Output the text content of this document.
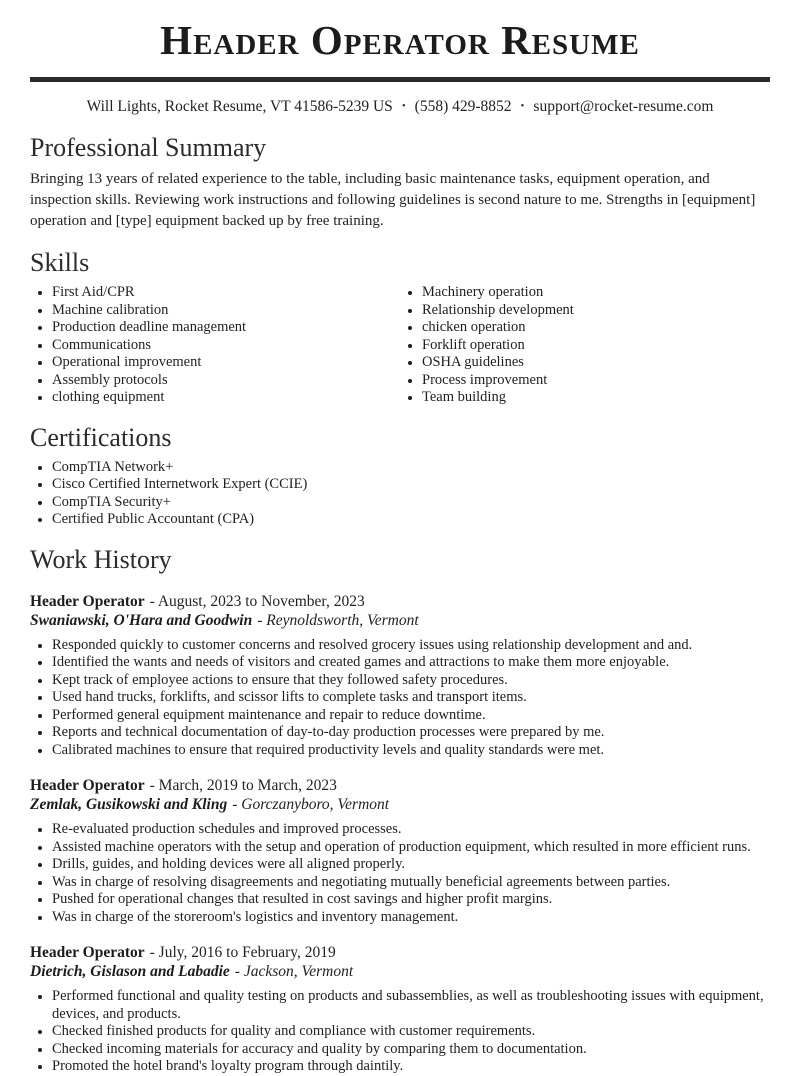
Header Operator Resume
Will Lights, Rocket Resume, VT 41586-5239 US • (558) 429-8852 • support@rocket-resume.com
Professional Summary

Bringing 13 years of related experience to the table, including basic maintenance tasks, equipment operation, and inspection skills. Reviewing work instructions and following guidelines is second nature to me. Strengths in [equipment] operation and [type] equipment backed up by free training.

Skills
• First Aid/CPR
• Machine calibration
• Production deadline management
• Communications
• Operational improvement
• Assembly protocols
• clothing equipment
• Machinery operation
• Relationship development
• chicken operation
• Forklift operation
• OSHA guidelines
• Process improvement
• Team building
Certifications
• CompTIA Network+
• Cisco Certified Internetwork Expert (CCIE)
• CompTIA Security+
• Certified Public Accountant (CPA)
Work History
Header Operator - August, 2023 to November, 2023
Swaniawski, O'Hara and Goodwin - Reynoldsworth, Vermont
• Responded quickly to customer concerns and resolved grocery issues using relationship development and and.
• Identified the wants and needs of visitors and created games and attractions to make them more enjoyable.
• Kept track of employee actions to ensure that they followed safety procedures.
• Used hand trucks, forklifts, and scissor lifts to complete tasks and transport items.
• Performed general equipment maintenance and repair to reduce downtime.
• Reports and technical documentation of day-to-day production processes were prepared by me.
• Calibrated machines to ensure that required productivity levels and quality standards were met.
Header Operator - March, 2019 to March, 2023
Zemlak, Gusikowski and Kling - Gorczanyboro, Vermont
• Re-evaluated production schedules and improved processes.
• Assisted machine operators with the setup and operation of production equipment, which resulted in more efficient runs.
• Drills, guides, and holding devices were all aligned properly.
• Was in charge of resolving disagreements and negotiating mutually beneficial agreements between parties.
• Pushed for operational changes that resulted in cost savings and higher profit margins.
• Was in charge of the storeroom's logistics and inventory management.
Header Operator - July, 2016 to February, 2019
Dietrich, Gislason and Labadie - Jackson, Vermont
• Performed functional and quality testing on products and subassemblies, as well as troubleshooting issues with equipment, devices, and products.
• Checked finished products for quality and compliance with customer requirements.
• Checked incoming materials for accuracy and quality by comparing them to documentation.
• Promoted the hotel brand's loyalty program through daintily.
